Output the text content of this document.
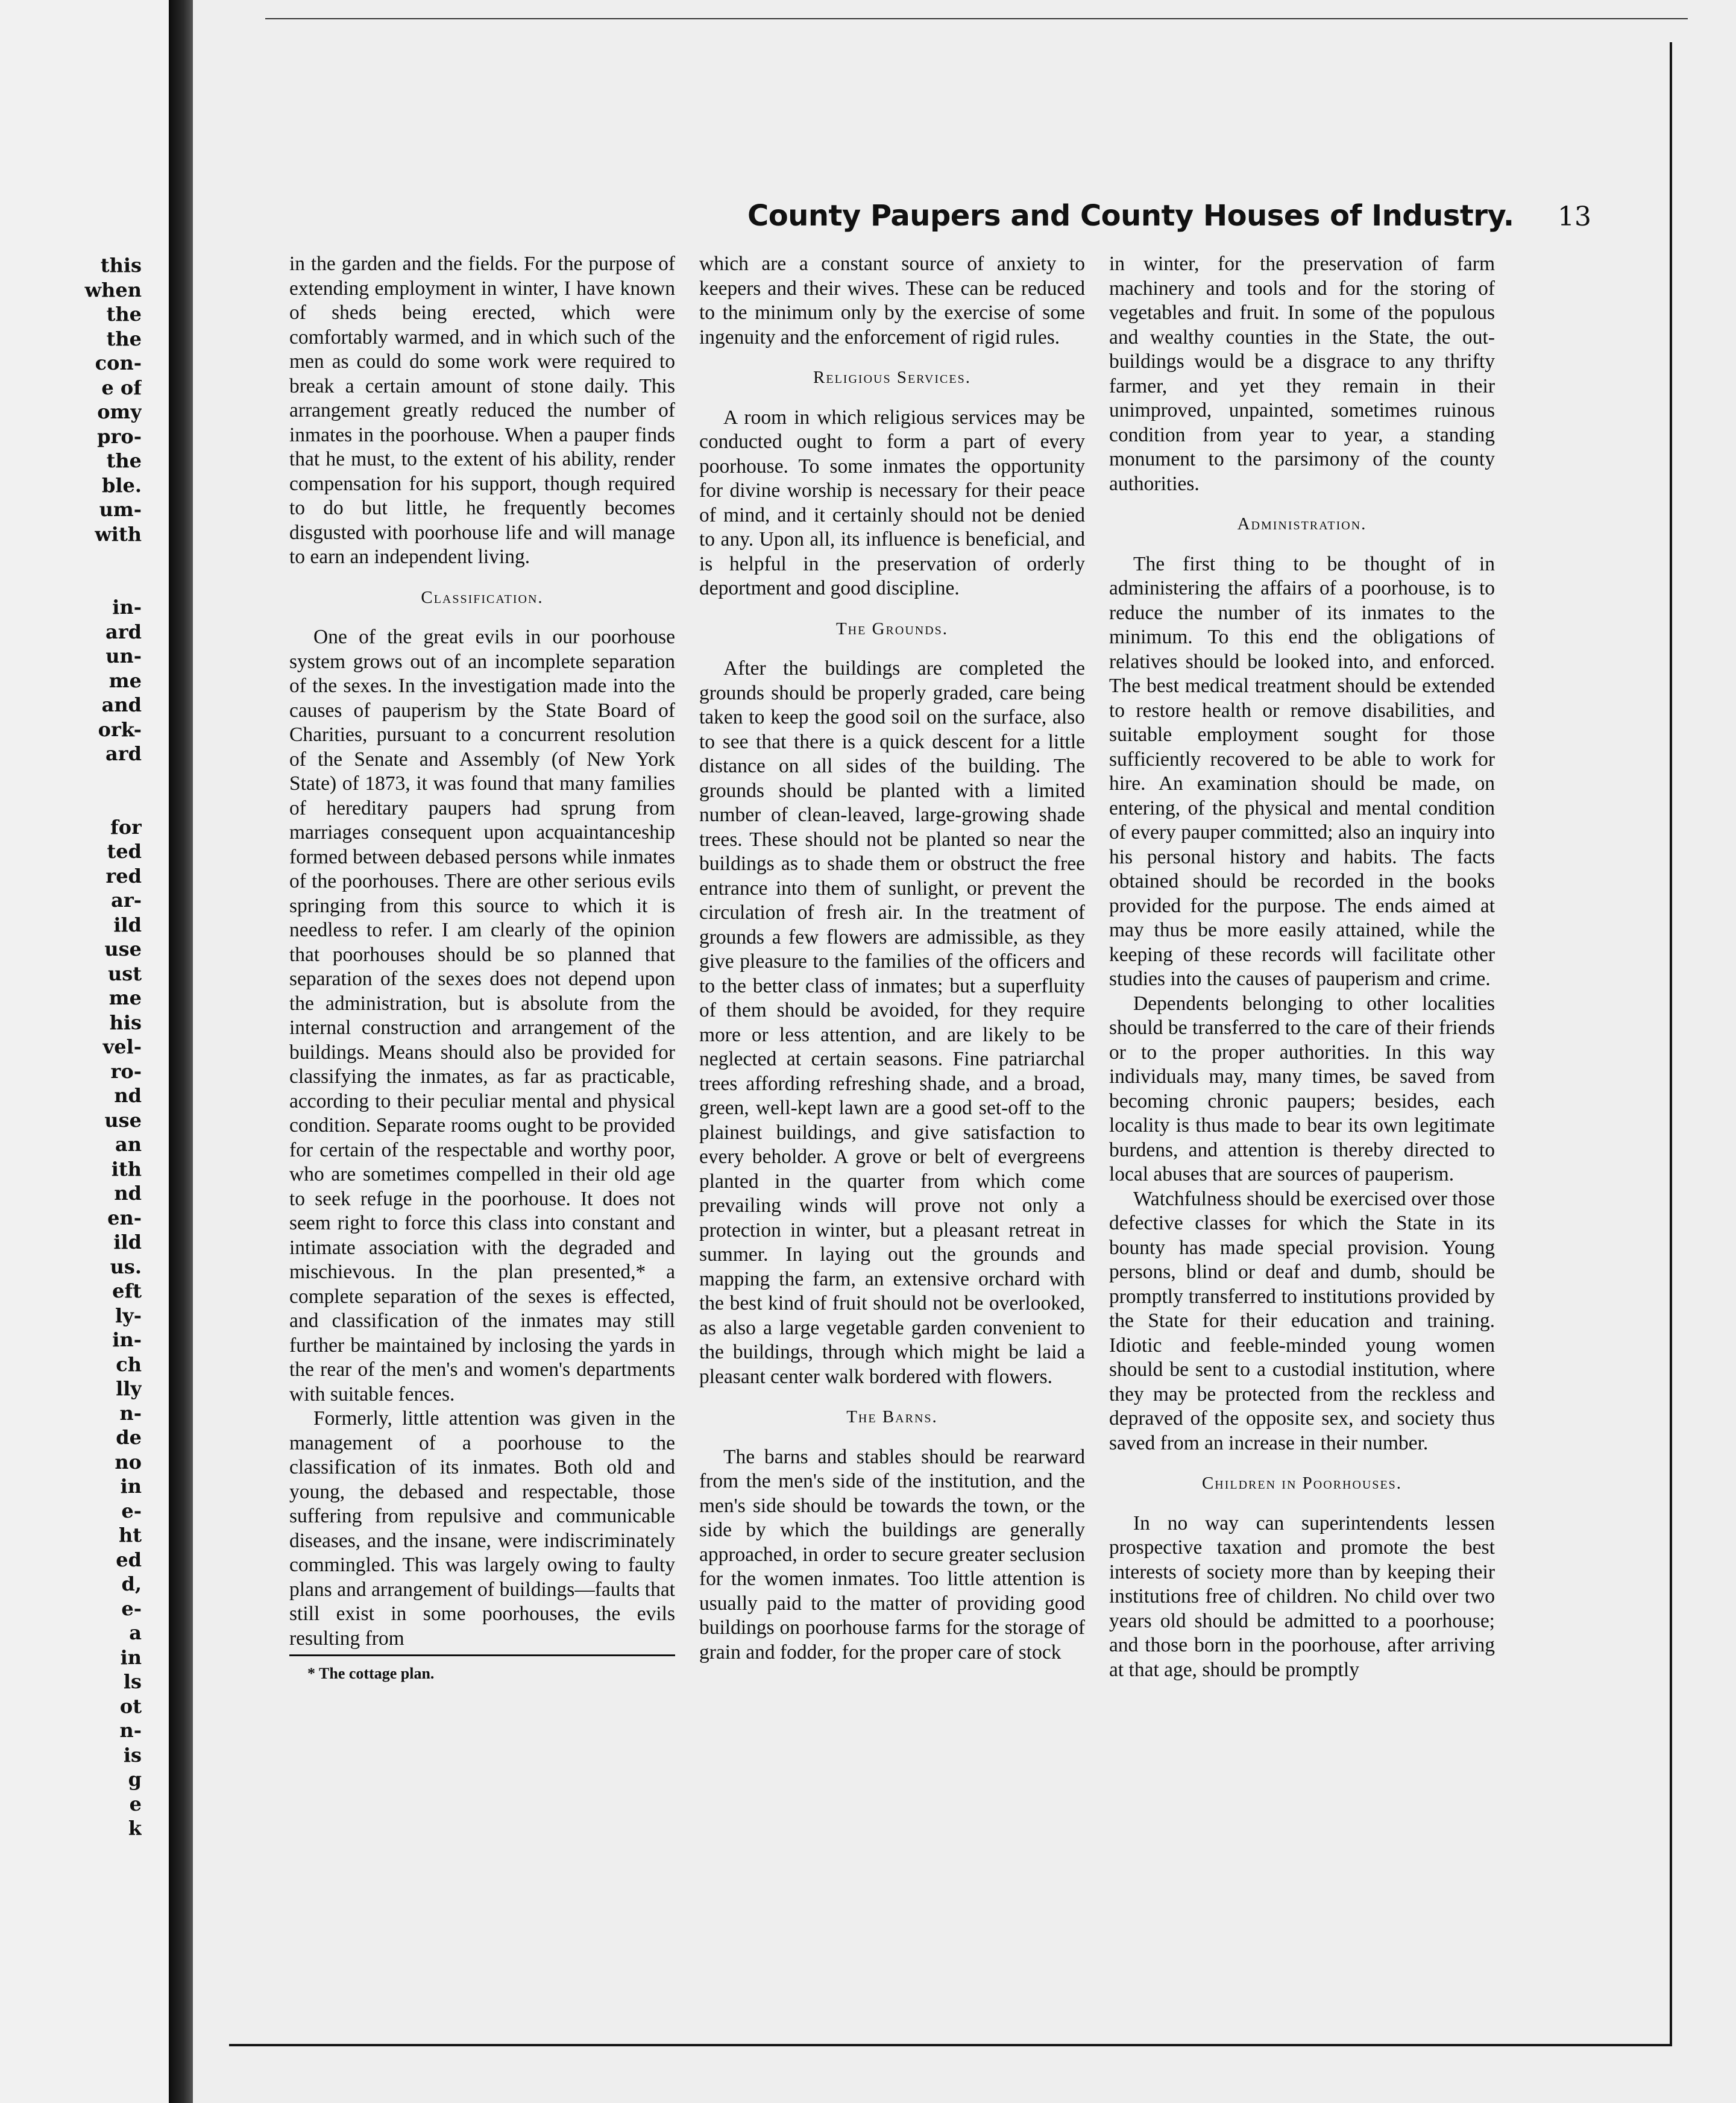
this
when
the
the
con-
e of
omy
pro-
the
ble.
um-
with

in-
ard
un-
me
and
ork-
ard

for
ted
red
ar-
ild
use
ust
me
his
vel-
ro-
nd
use
an
ith
nd
en-
ild
us.
eft
ly-
in-
ch
lly
n-
de
no
in
e-
ht
ed
d,
e-
a
in
ls
ot
n-
is
g
e
k
County Paupers and County Houses of Industry. 13

in the garden and the fields. For the purpose of extending employment in winter, I have known of sheds being erected, which were comfortably warmed, and in which such of the men as could do some work were required to break a certain amount of stone daily. This arrangement greatly reduced the number of inmates in the poorhouse. When a pauper finds that he must, to the extent of his ability, render compensation for his support, though required to do but little, he frequently becomes disgusted with poorhouse life and will manage to earn an independent living.

Classification.

One of the great evils in our poorhouse system grows out of an incomplete separation of the sexes. In the investigation made into the causes of pauperism by the State Board of Charities, pursuant to a concurrent resolution of the Senate and Assembly (of New York State) of 1873, it was found that many families of hereditary paupers had sprung from marriages consequent upon acquaintanceship formed between debased persons while inmates of the poorhouses. There are other serious evils springing from this source to which it is needless to refer. I am clearly of the opinion that poorhouses should be so planned that separation of the sexes does not depend upon the administration, but is absolute from the internal construction and arrangement of the buildings. Means should also be provided for classifying the inmates, as far as practicable, according to their peculiar mental and physical condition. Separate rooms ought to be provided for certain of the respectable and worthy poor, who are sometimes compelled in their old age to seek refuge in the poorhouse. It does not seem right to force this class into constant and intimate association with the degraded and mischievous. In the plan presented,* a complete separation of the sexes is effected, and classification of the inmates may still further be maintained by inclosing the yards in the rear of the men's and women's departments with suitable fences.

Formerly, little attention was given in the management of a poorhouse to the classification of its inmates. Both old and young, the debased and respectable, those suffering from repulsive and communicable diseases, and the insane, were indiscriminately commingled. This was largely owing to faulty plans and arrangement of buildings—faults that still exist in some poorhouses, the evils resulting from

* The cottage plan.

which are a constant source of anxiety to keepers and their wives. These can be reduced to the minimum only by the exercise of some ingenuity and the enforcement of rigid rules.

Religious Services.

A room in which religious services may be conducted ought to form a part of every poorhouse. To some inmates the opportunity for divine worship is necessary for their peace of mind, and it certainly should not be denied to any. Upon all, its influence is beneficial, and is helpful in the preservation of orderly deportment and good discipline.

The Grounds.

After the buildings are completed the grounds should be properly graded, care being taken to keep the good soil on the surface, also to see that there is a quick descent for a little distance on all sides of the building. The grounds should be planted with a limited number of clean-leaved, large-growing shade trees. These should not be planted so near the buildings as to shade them or obstruct the free entrance into them of sunlight, or prevent the circulation of fresh air. In the treatment of grounds a few flowers are admissible, as they give pleasure to the families of the officers and to the better class of inmates; but a superfluity of them should be avoided, for they require more or less attention, and are likely to be neglected at certain seasons. Fine patriarchal trees affording refreshing shade, and a broad, green, well-kept lawn are a good set-off to the plainest buildings, and give satisfaction to every beholder. A grove or belt of evergreens planted in the quarter from which come prevailing winds will prove not only a protection in winter, but a pleasant retreat in summer. In laying out the grounds and mapping the farm, an extensive orchard with the best kind of fruit should not be overlooked, as also a large vegetable garden convenient to the buildings, through which might be laid a pleasant center walk bordered with flowers.

The Barns.

The barns and stables should be rearward from the men's side of the institution, and the men's side should be towards the town, or the side by which the buildings are generally approached, in order to secure greater seclusion for the women inmates. Too little attention is usually paid to the matter of providing good buildings on poorhouse farms for the storage of grain and fodder, for the proper care of stock

in winter, for the preservation of farm machinery and tools and for the storing of vegetables and fruit. In some of the populous and wealthy counties in the State, the out-buildings would be a disgrace to any thrifty farmer, and yet they remain in their unimproved, unpainted, sometimes ruinous condition from year to year, a standing monument to the parsimony of the county authorities.

Administration.

The first thing to be thought of in administering the affairs of a poorhouse, is to reduce the number of its inmates to the minimum. To this end the obligations of relatives should be looked into, and enforced. The best medical treatment should be extended to restore health or remove disabilities, and suitable employment sought for those sufficiently recovered to be able to work for hire. An examination should be made, on entering, of the physical and mental condition of every pauper committed; also an inquiry into his personal history and habits. The facts obtained should be recorded in the books provided for the purpose. The ends aimed at may thus be more easily attained, while the keeping of these records will facilitate other studies into the causes of pauperism and crime.

Dependents belonging to other localities should be transferred to the care of their friends or to the proper authorities. In this way individuals may, many times, be saved from becoming chronic paupers; besides, each locality is thus made to bear its own legitimate burdens, and attention is thereby directed to local abuses that are sources of pauperism.

Watchfulness should be exercised over those defective classes for which the State in its bounty has made special provision. Young persons, blind or deaf and dumb, should be promptly transferred to institutions provided by the State for their education and training. Idiotic and feeble-minded young women should be sent to a custodial institution, where they may be protected from the reckless and depraved of the opposite sex, and society thus saved from an increase in their number.

Children in Poorhouses.

In no way can superintendents lessen prospective taxation and promote the best interests of society more than by keeping their institutions free of children. No child over two years old should be admitted to a poorhouse; and those born in the poorhouse, after arriving at that age, should be promptly
